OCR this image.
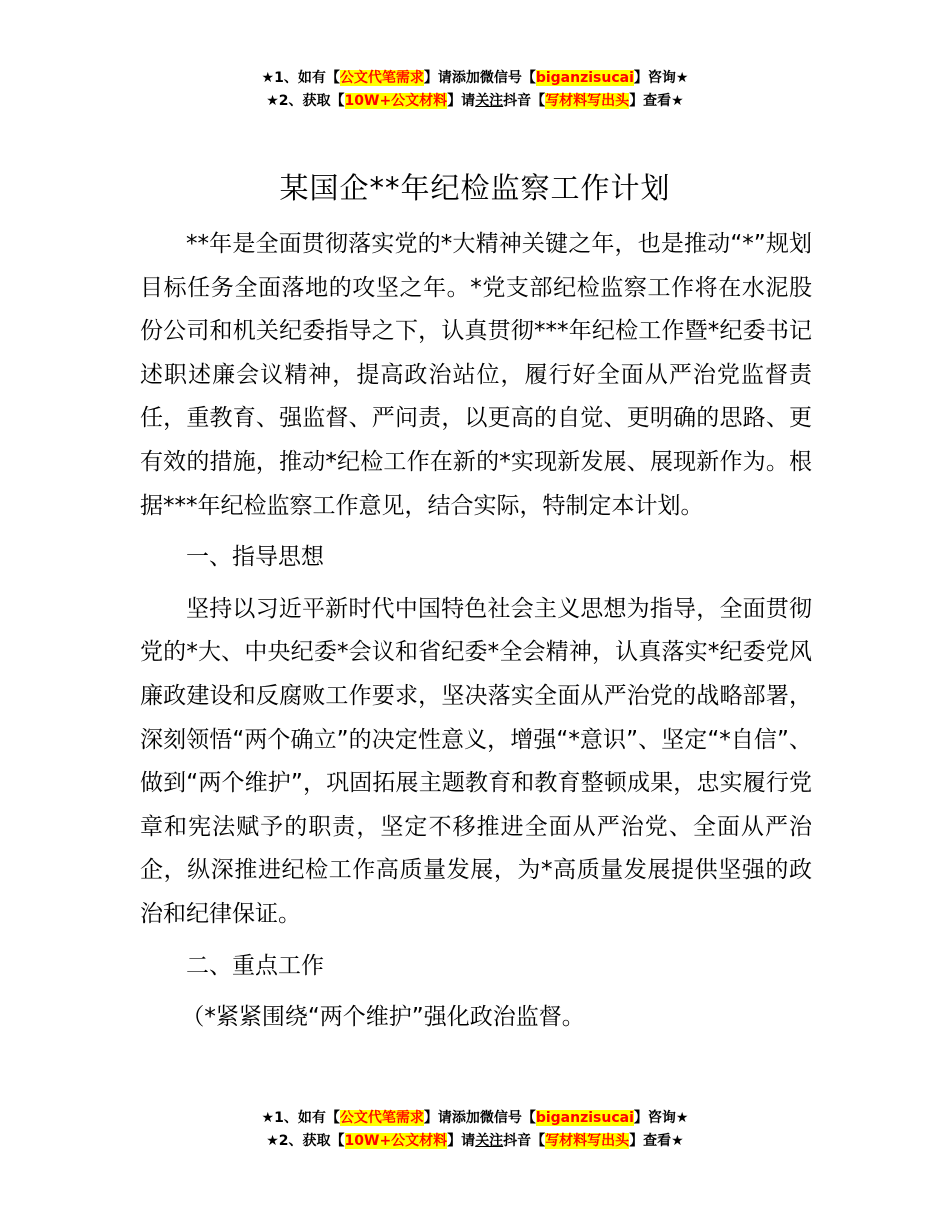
★1、如有【公文代笔需求】请添加微信号【biganzisucai】咨询★
★2、获取【10W+公文材料】请关注抖音【写材料写出头】查看★
某国企**年纪检监察工作计划

**年是全面贯彻落实党的*大精神关键之年，也是推动“*”规划目标任务全面落地的攻坚之年。*党支部纪检监察工作将在水泥股份公司和机关纪委指导之下，认真贯彻***年纪检工作暨*纪委书记述职述廉会议精神，提高政治站位，履行好全面从严治党监督责任，重教育、强监督、严问责，以更高的自觉、更明确的思路、更有效的措施，推动*纪检工作在新的*实现新发展、展现新作为。根据***年纪检监察工作意见，结合实际，特制定本计划。

一、指导思想

坚持以习近平新时代中国特色社会主义思想为指导，全面贯彻党的*大、中央纪委*会议和省纪委*全会精神，认真落实*纪委党风廉政建设和反腐败工作要求，坚决落实全面从严治党的战略部署，深刻领悟“两个确立”的决定性意义，增强“*意识”、坚定“*自信”、做到“两个维护”，巩固拓展主题教育和教育整顿成果，忠实履行党章和宪法赋予的职责，坚定不移推进全面从严治党、全面从严治企，纵深推进纪检工作高质量发展，为*高质量发展提供坚强的政治和纪律保证。

二、重点工作

（*紧紧围绕“两个维护”强化政治监督。

★1、如有【公文代笔需求】请添加微信号【biganzisucai】咨询★
★2、获取【10W+公文材料】请关注抖音【写材料写出头】查看★
